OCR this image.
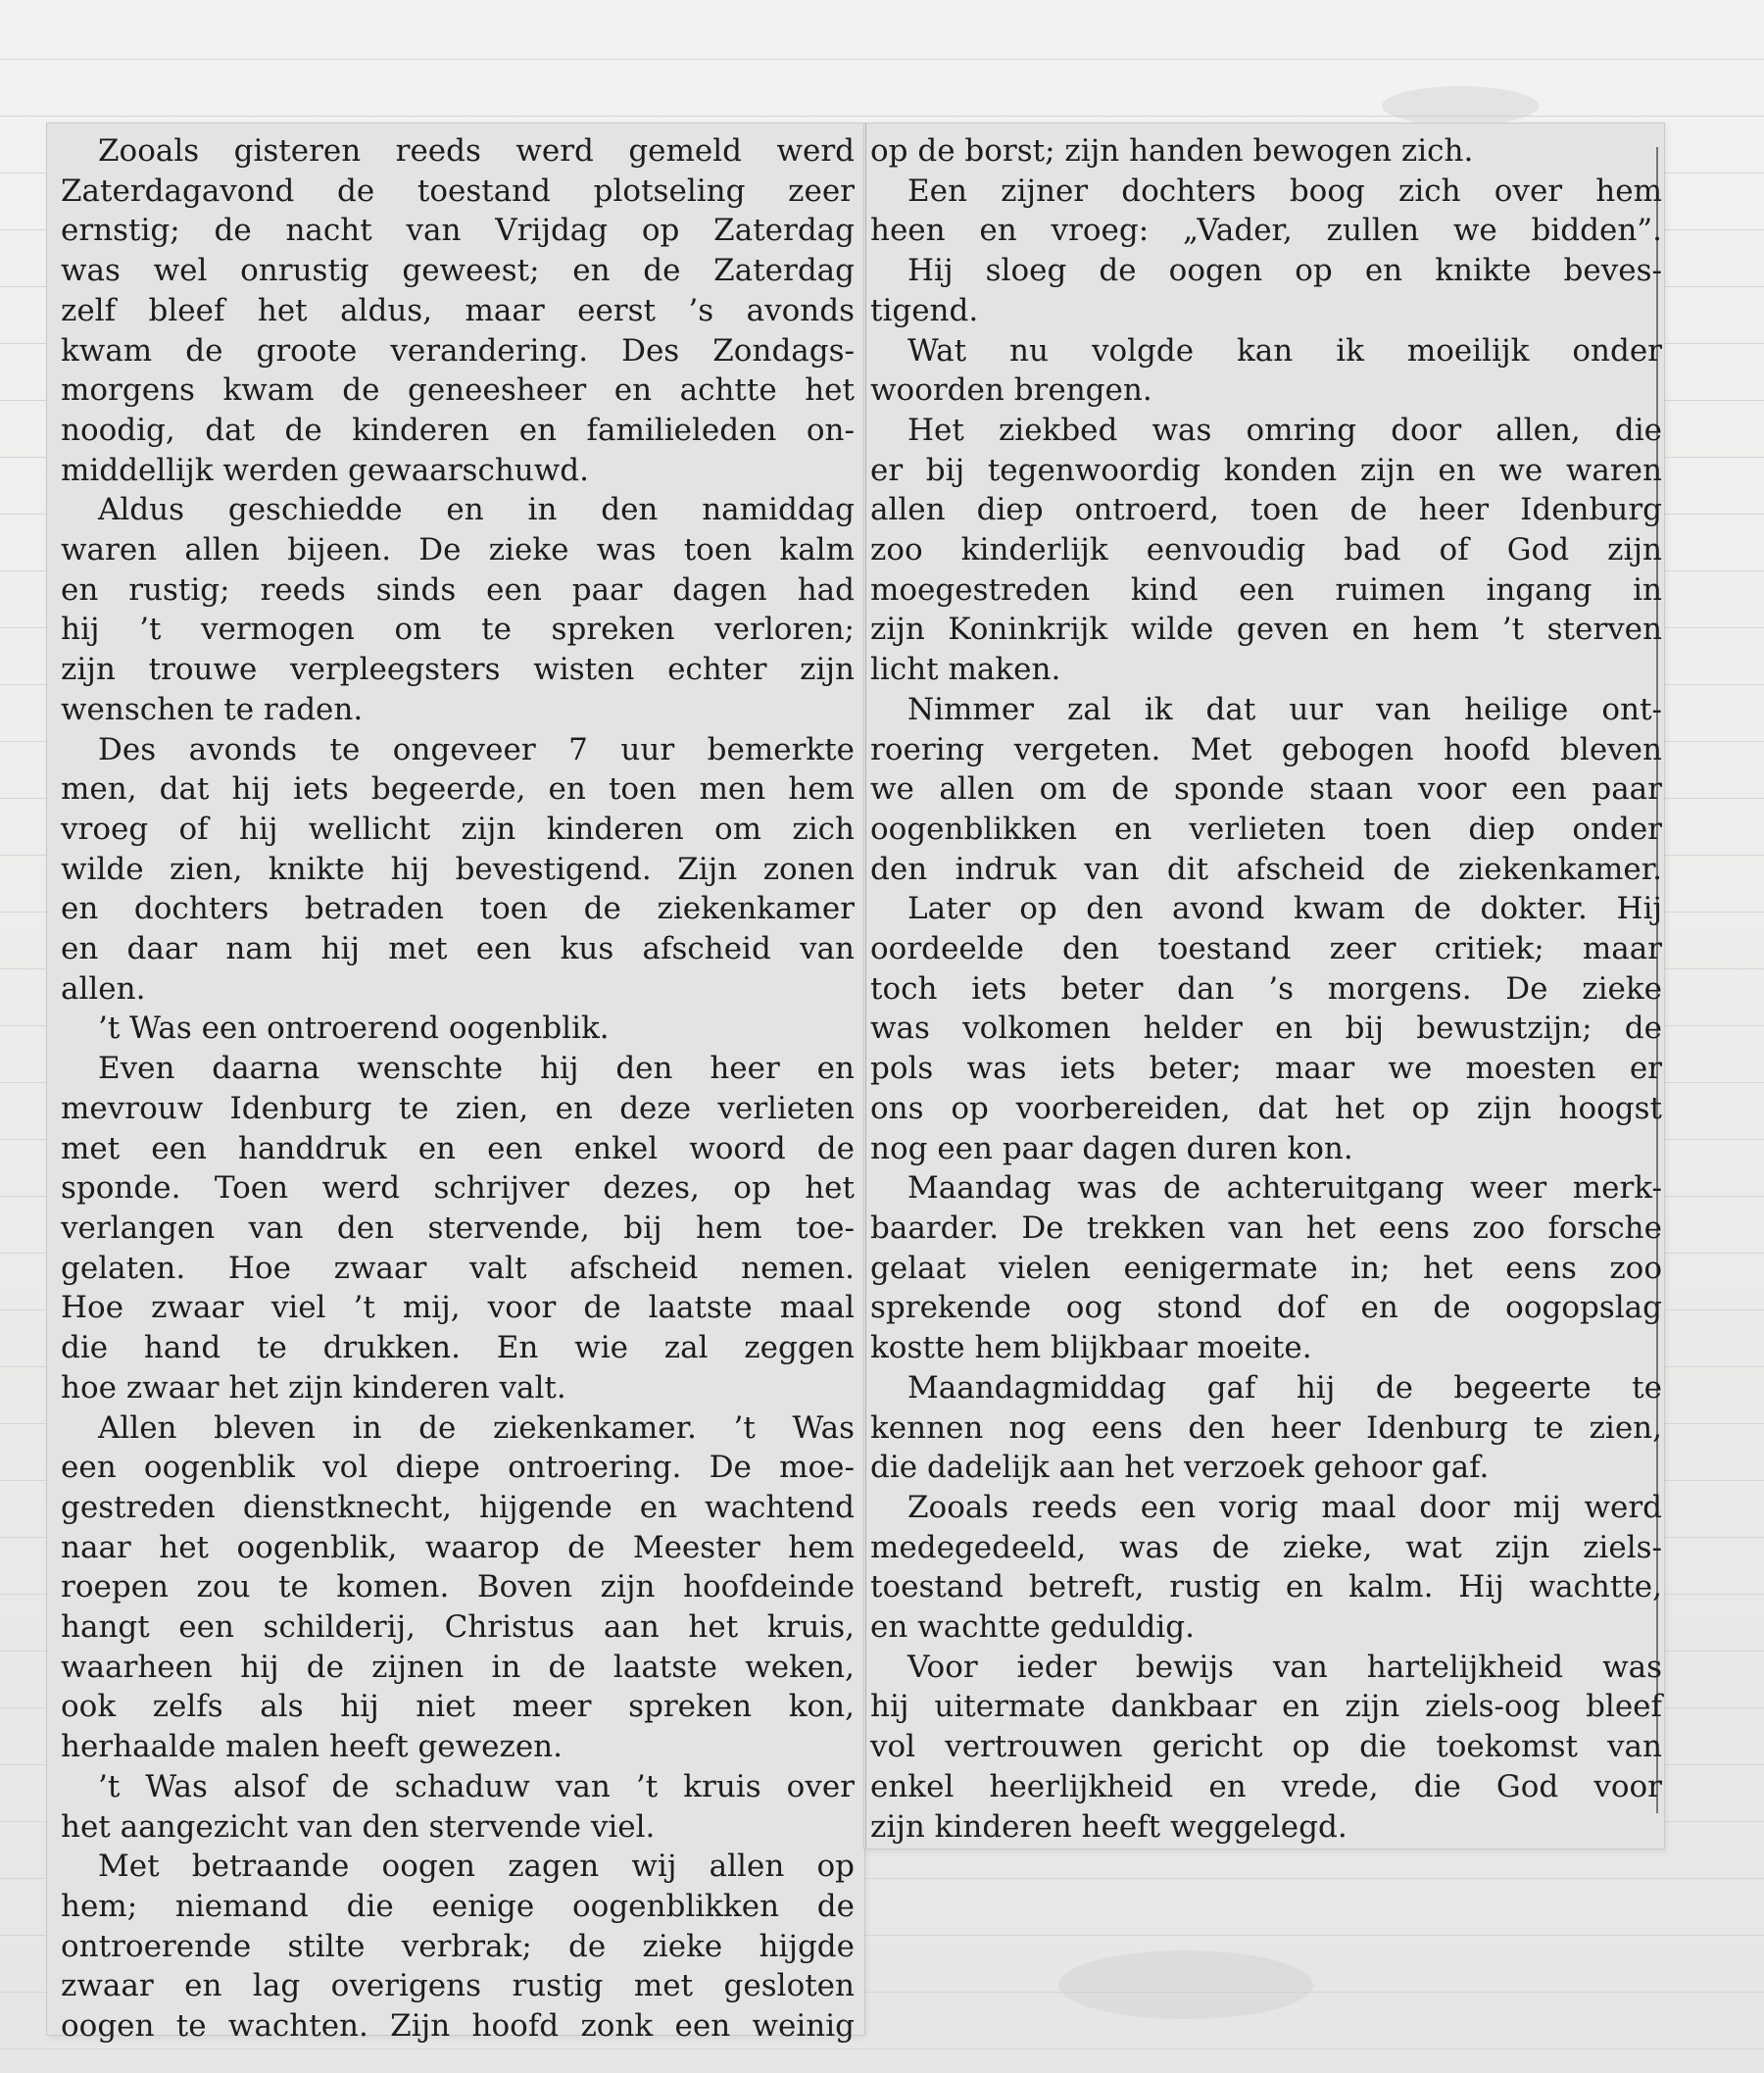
Zooals gisteren reeds werd gemeld werd

Zaterdagavond de toestand plotseling zeer

ernstig; de nacht van Vrijdag op Zaterdag

was wel onrustig geweest; en de Zaterdag

zelf bleef het aldus, maar eerst ’s avonds

kwam de groote verandering. Des Zondags-

morgens kwam de geneesheer en achtte het

noodig, dat de kinderen en familieleden on-

middellijk werden gewaarschuwd.

Aldus geschiedde en in den namiddag

waren allen bijeen. De zieke was toen kalm

en rustig; reeds sinds een paar dagen had

hij ’t vermogen om te spreken verloren;

zijn trouwe verpleegsters wisten echter zijn

wenschen te raden.

Des avonds te ongeveer 7 uur bemerkte

men, dat hij iets begeerde, en toen men hem

vroeg of hij wellicht zijn kinderen om zich

wilde zien, knikte hij bevestigend. Zijn zonen

en dochters betraden toen de ziekenkamer

en daar nam hij met een kus afscheid van

allen.

’t Was een ontroerend oogenblik.

Even daarna wenschte hij den heer en

mevrouw Idenburg te zien, en deze verlieten

met een handdruk en een enkel woord de

sponde. Toen werd schrijver dezes, op het

verlangen van den stervende, bij hem toe-

gelaten. Hoe zwaar valt afscheid nemen.

Hoe zwaar viel ’t mij, voor de laatste maal

die hand te drukken. En wie zal zeggen

hoe zwaar het zijn kinderen valt.

Allen bleven in de ziekenkamer. ’t Was

een oogenblik vol diepe ontroering. De moe-

gestreden dienstknecht, hijgende en wachtend

naar het oogenblik, waarop de Meester hem

roepen zou te komen. Boven zijn hoofdeinde

hangt een schilderij, Christus aan het kruis,

waarheen hij de zijnen in de laatste weken,

ook zelfs als hij niet meer spreken kon,

herhaalde malen heeft gewezen.

’t Was alsof de schaduw van ’t kruis over

het aangezicht van den stervende viel.

Met betraande oogen zagen wij allen op

hem; niemand die eenige oogenblikken de

ontroerende stilte verbrak; de zieke hijgde

zwaar en lag overigens rustig met gesloten

oogen te wachten. Zijn hoofd zonk een weinig

op de borst; zijn handen bewogen zich.

Een zijner dochters boog zich over hem

heen en vroeg: „Vader, zullen we bidden”.

Hij sloeg de oogen op en knikte beves-

tigend.

Wat nu volgde kan ik moeilijk onder

woorden brengen.

Het ziekbed was omring door allen, die

er bij tegenwoordig konden zijn en we waren

allen diep ontroerd, toen de heer Idenburg

zoo kinderlijk eenvoudig bad of God zijn

moegestreden kind een ruimen ingang in

zijn Koninkrijk wilde geven en hem ’t sterven

licht maken.

Nimmer zal ik dat uur van heilige ont-

roering vergeten. Met gebogen hoofd bleven

we allen om de sponde staan voor een paar

oogenblikken en verlieten toen diep onder

den indruk van dit afscheid de ziekenkamer.

Later op den avond kwam de dokter. Hij

oordeelde den toestand zeer critiek; maar

toch iets beter dan ’s morgens. De zieke

was volkomen helder en bij bewustzijn; de

pols was iets beter; maar we moesten er

ons op voorbereiden, dat het op zijn hoogst

nog een paar dagen duren kon.

Maandag was de achteruitgang weer merk-

baarder. De trekken van het eens zoo forsche

gelaat vielen eenigermate in; het eens zoo

sprekende oog stond dof en de oogopslag

kostte hem blijkbaar moeite.

Maandagmiddag gaf hij de begeerte te

kennen nog eens den heer Idenburg te zien,

die dadelijk aan het verzoek gehoor gaf.

Zooals reeds een vorig maal door mij werd

medegedeeld, was de zieke, wat zijn ziels-

toestand betreft, rustig en kalm. Hij wachtte,

en wachtte geduldig.

Voor ieder bewijs van hartelijkheid was

hij uitermate dankbaar en zijn ziels-oog bleef

vol vertrouwen gericht op die toekomst van

enkel heerlijkheid en vrede, die God voor

zijn kinderen heeft weggelegd.
